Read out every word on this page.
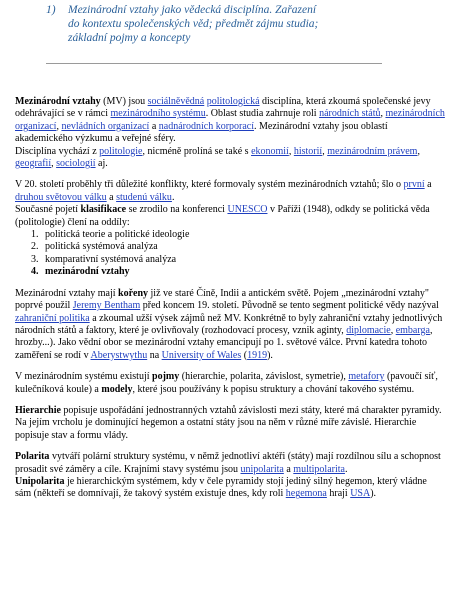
1) Mezinárodní vztahy jako vědecká disciplína. Zařazení
do kontextu společenských věd; předmět zájmu studia;
základní pojmy a koncepty

Mezinárodní vztahy (MV) jsou sociálněvědná politologická disciplína, která zkoumá společenské jevy odehrávající se v rámci mezinárodního systému. Oblast studia zahrnuje roli národních států, mezinárodních organizací, nevládních organizací a nadnárodních korporací. Mezinárodní vztahy jsou oblastí akademického výzkumu a veřejné sféry.

Disciplína vychází z politologie, nicméně prolíná se také s ekonomií, historií, mezinárodním právem, geografií, sociologií aj.

V 20. století proběhly tři důležité konflikty, které formovaly systém mezinárodních vztahů; šlo o první a druhou světovou válku a studenú válku.

Současné pojetí klasifikace se zrodilo na konferenci UNESCO v Paříži (1948), odkdy se politická věda (politologie) člení na oddíly:

1. politická teorie a politické ideologie
2. politická systémová analýza
3. komparativní systémová analýza
4. mezinárodní vztahy

Mezinárodní vztahy mají kořeny již ve staré Číně, Indii a antickém světě. Pojem „mezinárodní vztahy" poprvé použil Jeremy Bentham před koncem 19. století. Původně se tento segment politické vědy nazýval zahraniční politika a zkoumal užší výsek zájmů než MV. Konkrétně to byly zahraniční vztahy jednotlivých národních států a faktory, které je ovlivňovaly (rozhodovací procesy, vznik aginty, diplomacie, embarga, hrozby...). Jako vědní obor se mezinárodní vztahy emancipují po 1. světové válce. První katedra tohoto zaměření se rodí v Aberystwythu na University of Wales (1919).

V mezinárodním systému existují pojmy (hierarchie, polarita, závislost, symetrie), metafory (pavoučí síť, kulečníková koule) a modely, které jsou používány k popisu struktury a chování takového systému.

Hierarchie popisuje uspořádání jednostranných vztahů závislosti mezi státy, které má charakter pyramidy. Na jejím vrcholu je dominující hegemon a ostatní státy jsou na něm v různé míře závislé. Hierarchie popisuje stav a formu vlády.

Polarita vytváří polární struktury systému, v němž jednotliví aktéři (státy) mají rozdílnou sílu a schopnost prosadit své záměry a cíle. Krajními stavy systému jsou unipolarita a multipolarita.

Unipolarita je hierarchickým systémem, kdy v čele pyramidy stojí jediný silný hegemon, který vládne sám (někteří se domnívají, že takový systém existuje dnes, kdy roli hegemona hraji USA).
